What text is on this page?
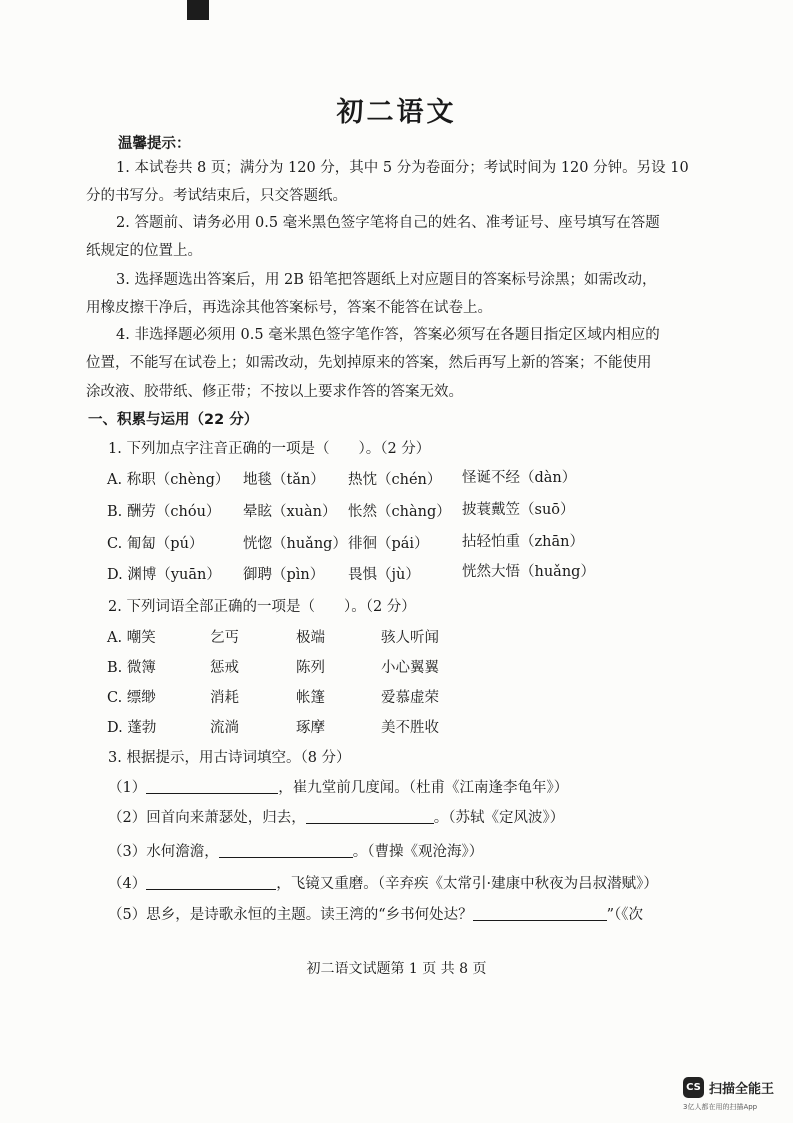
初二语文
温馨提示：
1. 本试卷共 8 页；满分为 120 分，其中 5 分为卷面分；考试时间为 120 分钟。另设 10
分的书写分。考试结束后，只交答题纸。
2. 答题前、请务必用 0.5 毫米黑色签字笔将自己的姓名、准考证号、座号填写在答题
纸规定的位置上。
3. 选择题选出答案后，用 2B 铅笔把答题纸上对应题目的答案标号涂黑；如需改动，
用橡皮擦干净后，再选涂其他答案标号，答案不能答在试卷上。
4. 非选择题必须用 0.5 毫米黑色签字笔作答，答案必须写在各题目指定区域内相应的
位置，不能写在试卷上；如需改动，先划掉原来的答案，然后再写上新的答案；不能使用
涂改液、胶带纸、修正带；不按以上要求作答的答案无效。
一、积累与运用（22 分）
1. 下列加点字注音正确的一项是（　　）。（2 分）
A. 称职（chèng） 地毯（tǎn） 热忱（chén） 怪诞不经（dàn）
B. 酬劳（chóu） 晕眩（xuàn） 怅然（chàng） 披蓑戴笠（suō）
C. 匍匐（pú）	恍惚（huǎng） 徘徊（pái） 拈轻怕重（zhān）
D. 渊博（yuān） 御聘（pìn） 畏惧（jù）	恍然大悟（huǎng）
2. 下列词语全部正确的一项是（　　）。（2 分）
A. 嘲笑	乞丐	极端	骇人听闻
B. 微簿	惩戒	陈列	小心翼翼
C. 缥缈	消耗	帐篷	爱慕虚荣
D. 蓬勃	流淌	琢摩	美不胜收
3. 根据提示，用古诗词填空。（8 分）
（1）	，崔九堂前几度闻。（杜甫《江南逢李龟年》）
（2）回首向来萧瑟处，归去，	。（苏轼《定风波》）
（3）水何澹澹，	。（曹操《观沧海》）
（4）	，飞镜又重磨。（辛弃疾《太常引·建康中秋夜为吕叔潜赋》）
（5）思乡，是诗歌永恒的主题。读王湾的“乡书何处达？	”（《次
初二语文试题第 1 页 共 8 页
CS 扫描全能王
3亿人都在用的扫描App
